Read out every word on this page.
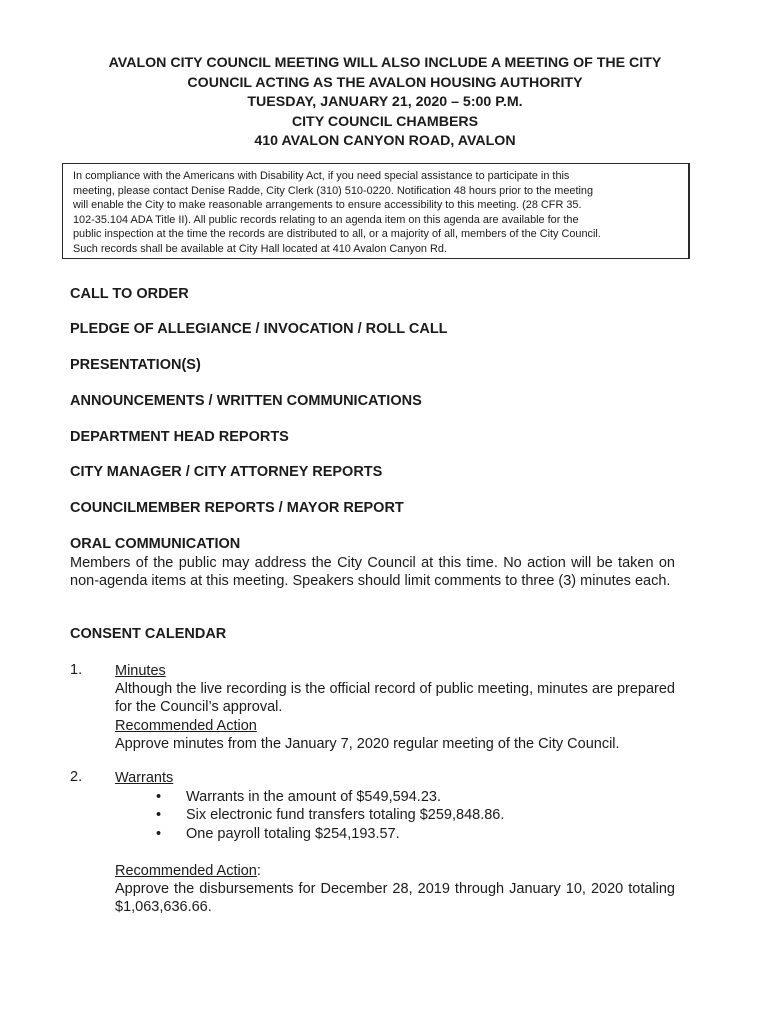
AVALON CITY COUNCIL MEETING WILL ALSO INCLUDE A MEETING OF THE CITY
COUNCIL ACTING AS THE AVALON HOUSING AUTHORITY
TUESDAY, JANUARY 21, 2020 – 5:00 P.M.
CITY COUNCIL CHAMBERS
410 AVALON CANYON ROAD, AVALON
In compliance with the Americans with Disability Act, if you need special assistance to participate in this
meeting, please contact Denise Radde, City Clerk (310) 510-0220. Notification 48 hours prior to the meeting
will enable the City to make reasonable arrangements to ensure accessibility to this meeting. (28 CFR 35.
102-35.104 ADA Title II). All public records relating to an agenda item on this agenda are available for the
public inspection at the time the records are distributed to all, or a majority of all, members of the City Council.
Such records shall be available at City Hall located at 410 Avalon Canyon Rd.
CALL TO ORDER
PLEDGE OF ALLEGIANCE / INVOCATION / ROLL CALL
PRESENTATION(S)
ANNOUNCEMENTS / WRITTEN COMMUNICATIONS
DEPARTMENT HEAD REPORTS
CITY MANAGER / CITY ATTORNEY REPORTS
COUNCILMEMBER REPORTS / MAYOR REPORT
ORAL COMMUNICATION
Members of the public may address the City Council at this time. No action will be taken on non-agenda items at this meeting. Speakers should limit comments to three (3) minutes each.
CONSENT CALENDAR
1. Minutes
Although the live recording is the official record of public meeting, minutes are prepared for the Council’s approval.
Recommended Action
Approve minutes from the January 7, 2020 regular meeting of the City Council.
2. Warrants
• Warrants in the amount of $549,594.23.
• Six electronic fund transfers totaling $259,848.86.
• One payroll totaling $254,193.57.
Recommended Action:
Approve the disbursements for December 28, 2019 through January 10, 2020 totaling $1,063,636.66.
